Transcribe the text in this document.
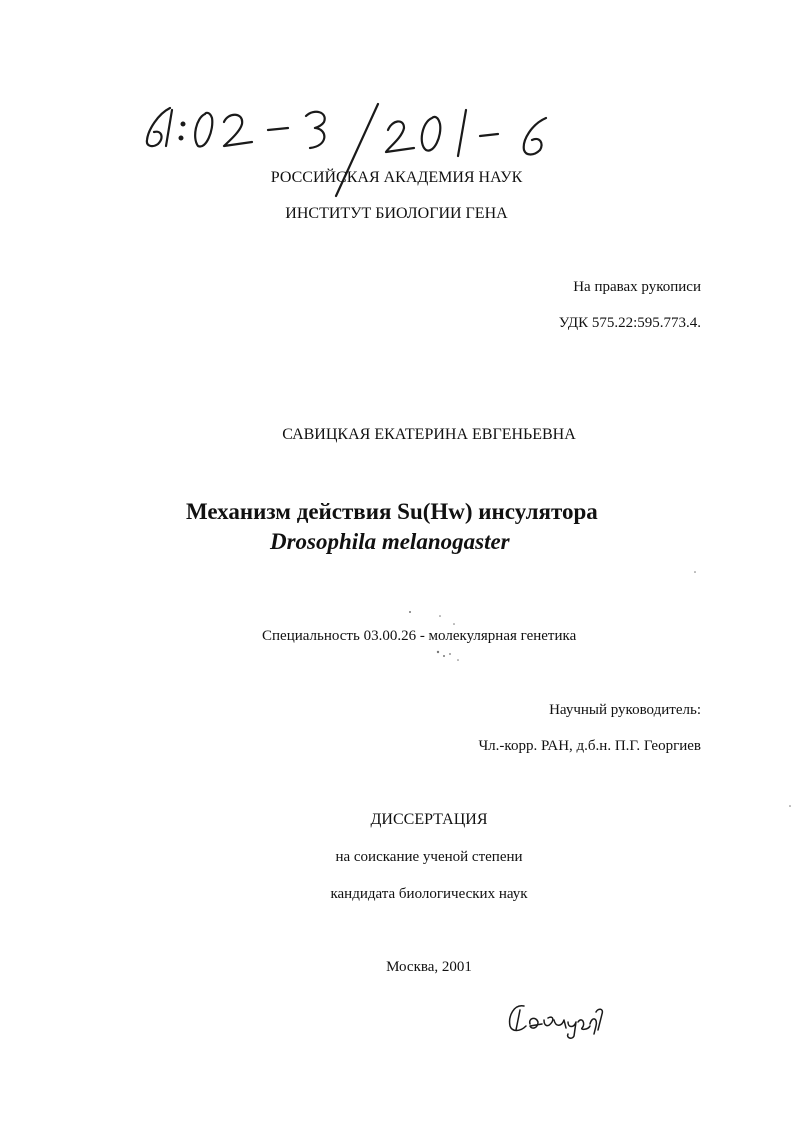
РОССИЙСКАЯ АКАДЕМИЯ НАУК
ИНСТИТУТ БИОЛОГИИ ГЕНА
На правах рукописи
УДК 575.22:595.773.4.
САВИЦКАЯ ЕКАТЕРИНА ЕВГЕНЬЕВНА
Механизм действия Su(Hw) инсулятора
Drosophila melanogaster
Специальность 03.00.26 - молекулярная генетика
Научный руководитель:
Чл.-корр. РАН, д.б.н. П.Г. Георгиев
ДИССЕРТАЦИЯ
на соискание ученой степени
кандидата биологических наук
Москва, 2001
